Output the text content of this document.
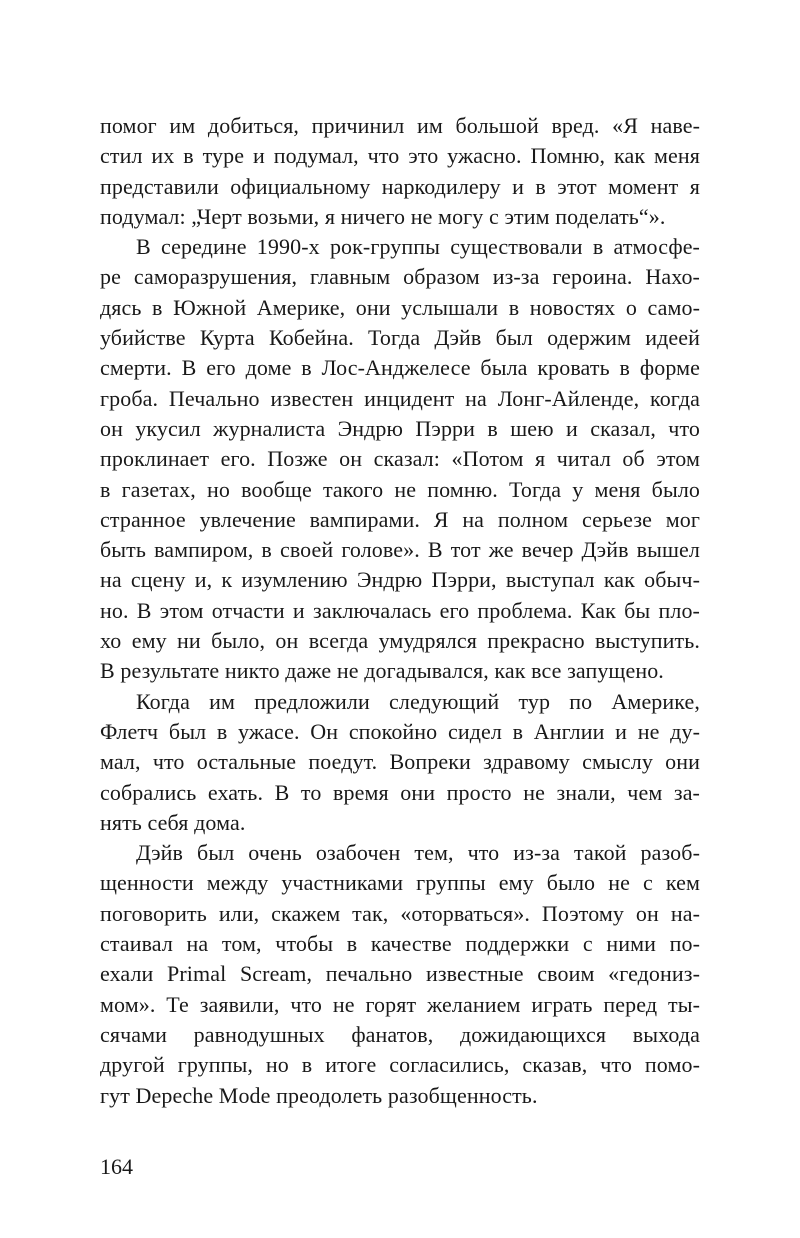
помог им добиться, причинил им большой вред. «Я наве-
стил их в туре и подумал, что это ужасно. Помню, как меня
представили официальному наркодилеру и в этот момент я
подумал: „Черт возьми, я ничего не могу с этим поделать“».
В середине 1990-х рок-группы существовали в атмосфе-
ре саморазрушения, главным образом из-за героина. Нахо-
дясь в Южной Америке, они услышали в новостях о само-
убийстве Курта Кобейна. Тогда Дэйв был одержим идеей
смерти. В его доме в Лос-Анджелесе была кровать в форме
гроба. Печально известен инцидент на Лонг-Айленде, когда
он укусил журналиста Эндрю Пэрри в шею и сказал, что
проклинает его. Позже он сказал: «Потом я читал об этом
в газетах, но вообще такого не помню. Тогда у меня было
странное увлечение вампирами. Я на полном серьезе мог
быть вампиром, в своей голове». В тот же вечер Дэйв вышел
на сцену и, к изумлению Эндрю Пэрри, выступал как обыч-
но. В этом отчасти и заключалась его проблема. Как бы пло-
хо ему ни было, он всегда умудрялся прекрасно выступить.
В результате никто даже не догадывался, как все запущено.
Когда им предложили следующий тур по Америке,
Флетч был в ужасе. Он спокойно сидел в Англии и не ду-
мал, что остальные поедут. Вопреки здравому смыслу они
собрались ехать. В то время они просто не знали, чем за-
нять себя дома.
Дэйв был очень озабочен тем, что из-за такой разоб-
щенности между участниками группы ему было не с кем
поговорить или, скажем так, «оторваться». Поэтому он на-
стаивал на том, чтобы в качестве поддержки с ними по-
ехали Primal Scream, печально известные своим «гедониз-
мом». Те заявили, что не горят желанием играть перед ты-
сячами равнодушных фанатов, дожидающихся выхода
другой группы, но в итоге согласились, сказав, что помо-
гут Depeche Mode преодолеть разобщенность.
164
